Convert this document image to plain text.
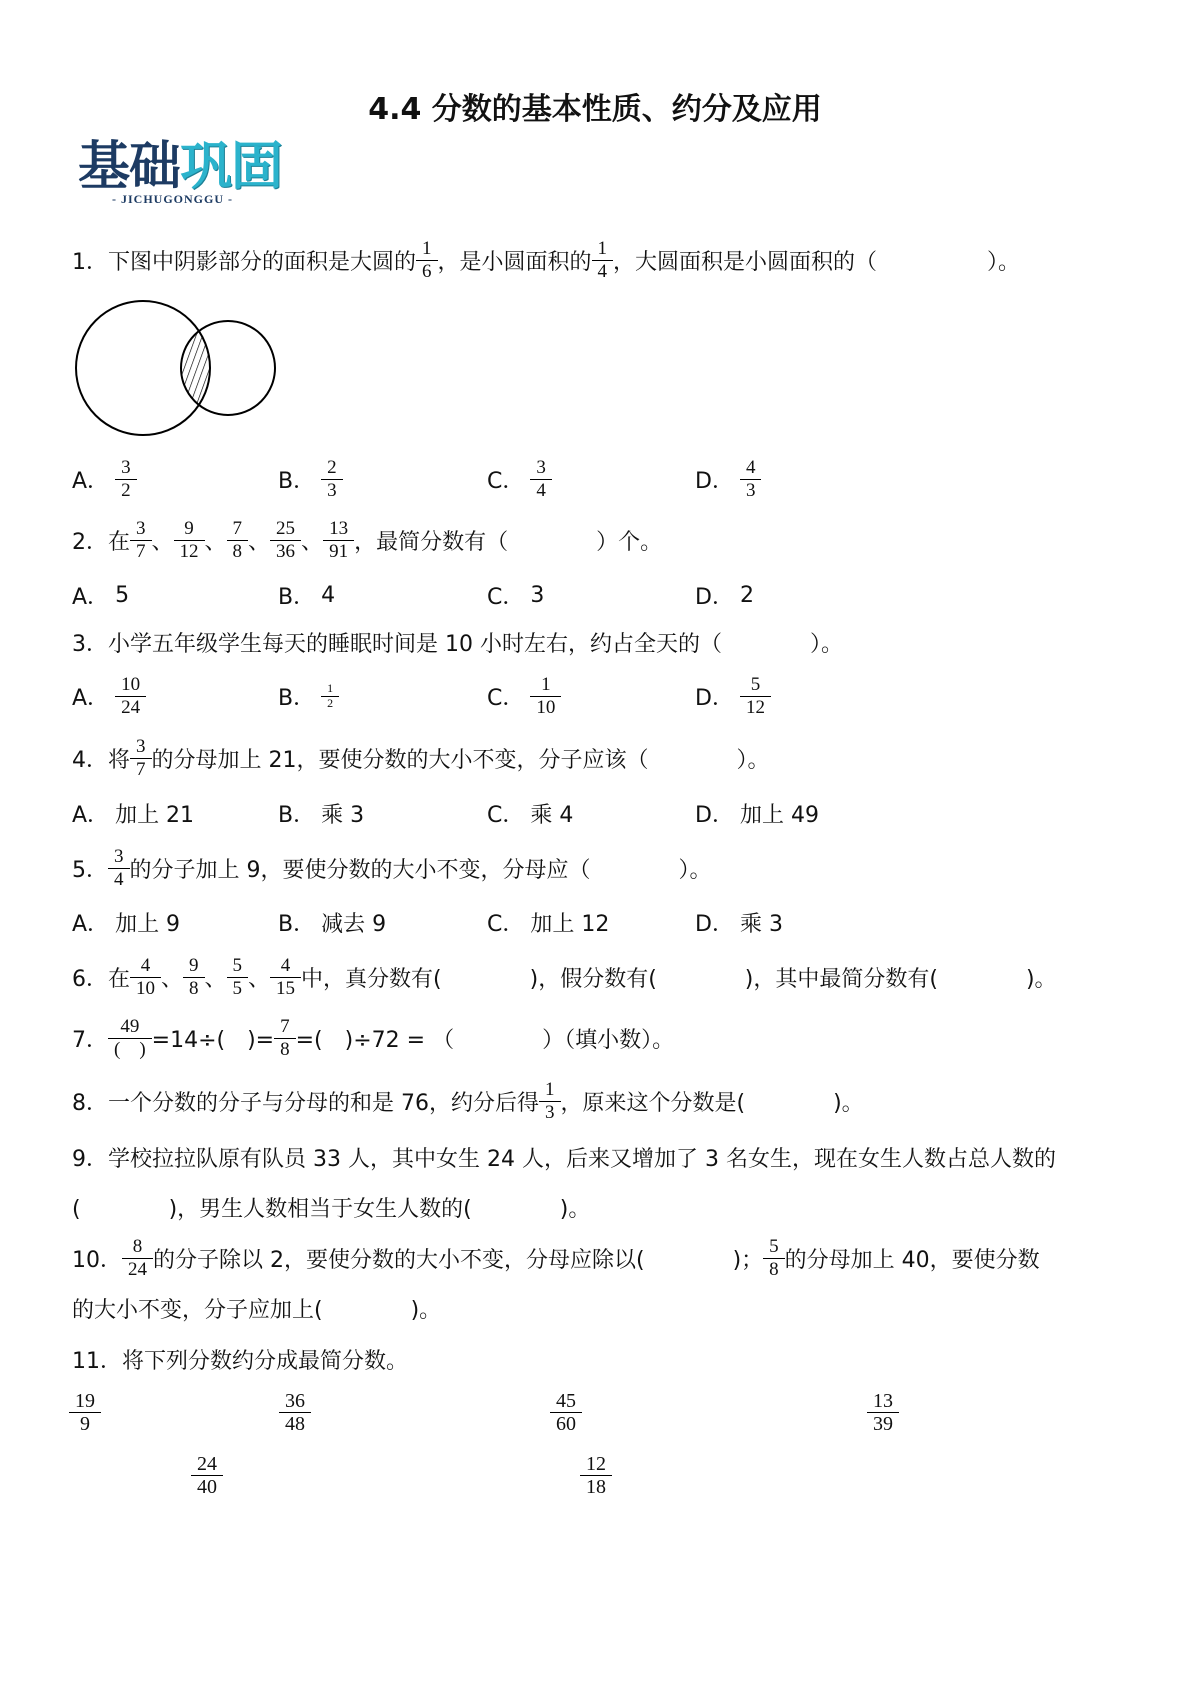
4.4 分数的基本性质、约分及应用
基础巩固
- JICHUGONGGU -
1．下图中阴影部分的面积是大圆的 $\frac{1}{6}$ ，是小圆面积的 $\frac{1}{4}$ ，大圆面积是小圆面积的（　　　　　）。
A． $\frac{3}{2}$	B． $\frac{2}{3}$	C． $\frac{3}{4}$	D． $\frac{4}{3}$
2．在 $\frac{3}{7}$ 、 $\frac{9}{12}$ 、 $\frac{7}{8}$ 、 $\frac{25}{36}$ 、 $\frac{13}{91}$ ，最简分数有（　　　　）个。
A． 5	B． 4	C． 3	D． 2
3．小学五年级学生每天的睡眠时间是 10 小时左右，约占全天的（　　　　）。
A． $\frac{10}{24}$	B． $\frac{1}{2}$	C． $\frac{1}{10}$	D． $\frac{5}{12}$
4．将 $\frac{3}{7}$ 的分母加上 21，要使分数的大小不变，分子应该（　　　　）。
A． 加上 21	B． 乘 3	C． 乘 4	D． 加上 49
5． $\frac{3}{4}$ 的分子加上 9，要使分数的大小不变，分母应（　　　　）。
A． 加上 9	B． 减去 9	C． 加上 12	D． 乘 3
6．在 $\frac{4}{10}$ 、 $\frac{9}{8}$ 、 $\frac{5}{5}$ 、 $\frac{4}{15}$ 中，真分数有(　　　　)，假分数有(　　　　)，其中最简分数有(　　　　)。
7． $\frac{49}{( )} =14\div$(　)= $\frac{7}{8}$ =(　)÷72 = （　　　　）（填小数）。
8．一个分数的分子与分母的和是 76，约分后得 $\frac{1}{3}$ ，原来这个分数是(　　　　)。
9．学校拉拉队原有队员 33 人，其中女生 24 人，后来又增加了 3 名女生，现在女生人数占总人数的
(　　　　)，男生人数相当于女生人数的(　　　　)。
10． $\frac{8}{24}$ 的分子除以 2，要使分数的大小不变，分母应除以(　　　　)； $\frac{5}{8}$ 的分母加上 40，要使分数
的大小不变，分子应加上(　　　　)。
11．将下列分数约分成最简分数。
$\frac{19}{9}$	$\frac{36}{48}$	$\frac{45}{60}$	$\frac{13}{39}$
$\frac{24}{40}$	$\frac{12}{18}$
